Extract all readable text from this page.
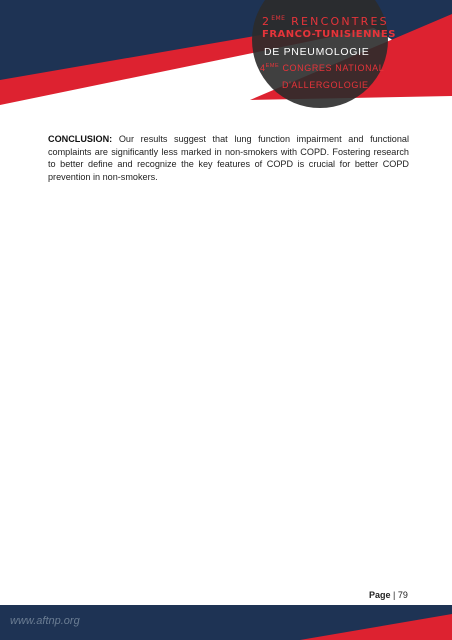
2EME RENCONTRES
FRANCO-TUNISIENNES
DE PNEUMOLOGIE
4EME CONGRES NATIONAL
D'ALLERGOLOGIE

CONCLUSION: Our results suggest that lung function impairment and functional complaints are significantly less marked in non-smokers with COPD. Fostering research to better define and recognize the key features of COPD is crucial for better COPD prevention in non-smokers.

Page | 79
www.aftnp.org
